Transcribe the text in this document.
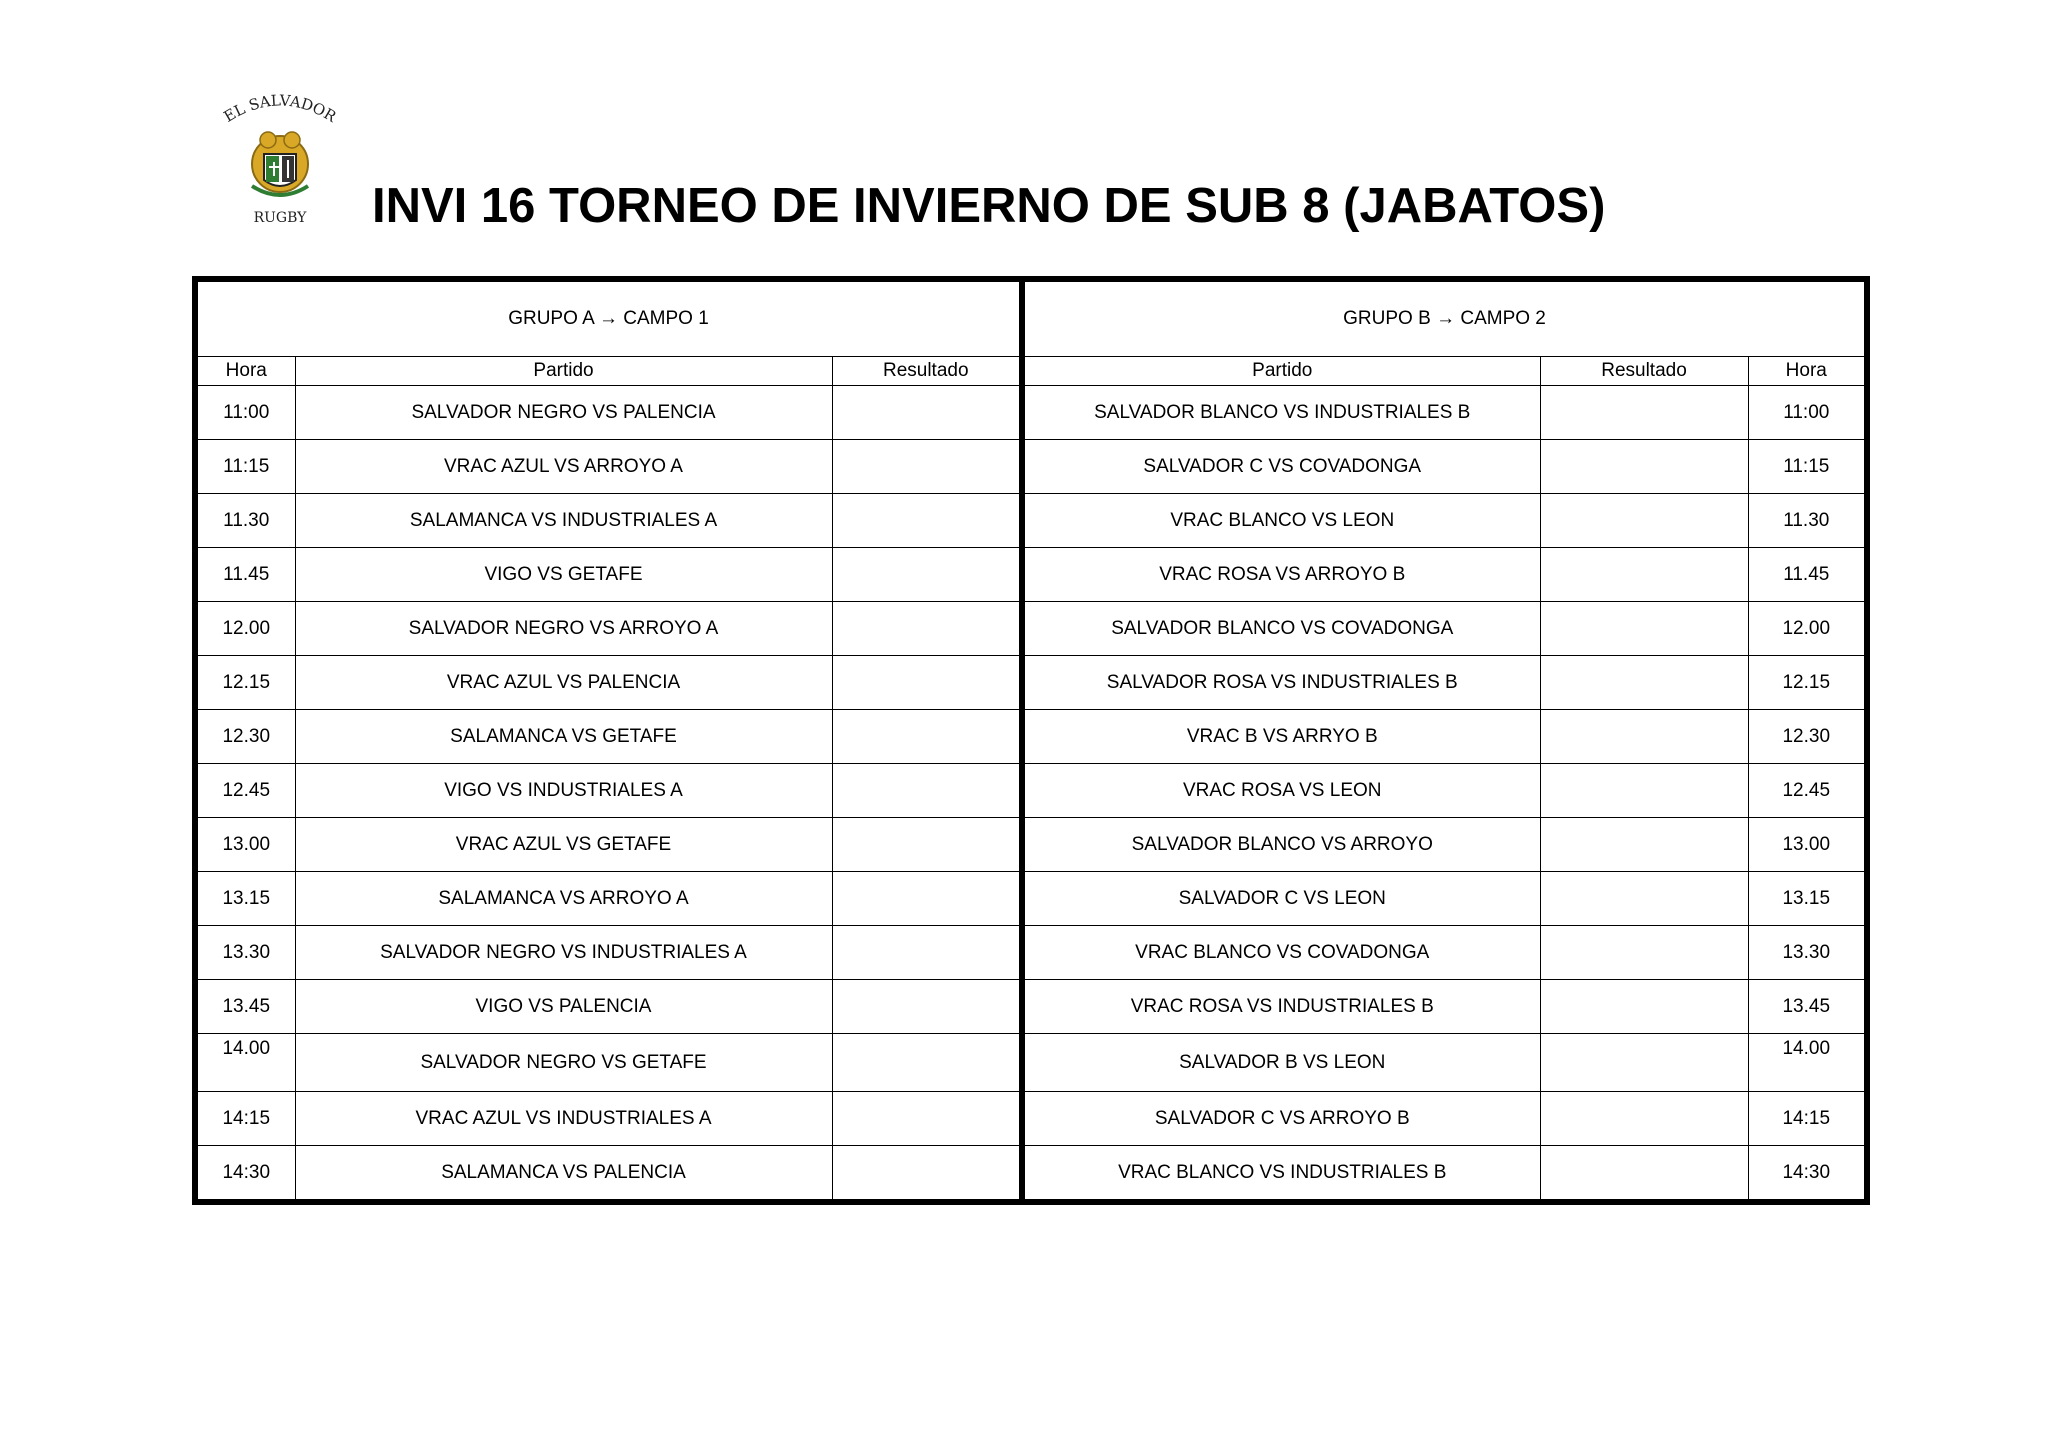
EL SALVADOR
RUGBY INVI 16 TORNEO DE INVIERNO DE SUB 8 (JABATOS)
GRUPO A → CAMPO 1			GRUPO B → CAMPO 2		
Hora	Partido	Resultado	Partido	Resultado	Hora
11:00	SALVADOR NEGRO VS PALENCIA		SALVADOR BLANCO VS INDUSTRIALES B		11:00
11:15	VRAC AZUL VS ARROYO A		SALVADOR C VS COVADONGA		11:15
11.30	SALAMANCA VS INDUSTRIALES A		VRAC BLANCO VS LEON		11.30
11.45	VIGO VS GETAFE		VRAC ROSA VS ARROYO B		11.45
12.00	SALVADOR NEGRO VS ARROYO A		SALVADOR BLANCO VS COVADONGA		12.00
12.15	VRAC AZUL VS PALENCIA		SALVADOR ROSA VS INDUSTRIALES B		12.15
12.30	SALAMANCA VS GETAFE		VRAC B VS ARRYO B		12.30
12.45	VIGO VS INDUSTRIALES A		VRAC ROSA VS LEON		12.45
13.00	VRAC AZUL VS GETAFE		SALVADOR BLANCO VS ARROYO		13.00
13.15	SALAMANCA VS ARROYO A		SALVADOR C VS LEON		13.15
13.30	SALVADOR NEGRO VS INDUSTRIALES A		VRAC BLANCO VS COVADONGA		13.30
13.45	VIGO VS PALENCIA		VRAC ROSA VS INDUSTRIALES B		13.45
14.00	SALVADOR NEGRO VS GETAFE		SALVADOR B VS LEON		14.00
14:15	VRAC AZUL VS INDUSTRIALES A		SALVADOR C VS ARROYO B		14:15
14:30	SALAMANCA VS PALENCIA		VRAC BLANCO VS INDUSTRIALES B		14:30
